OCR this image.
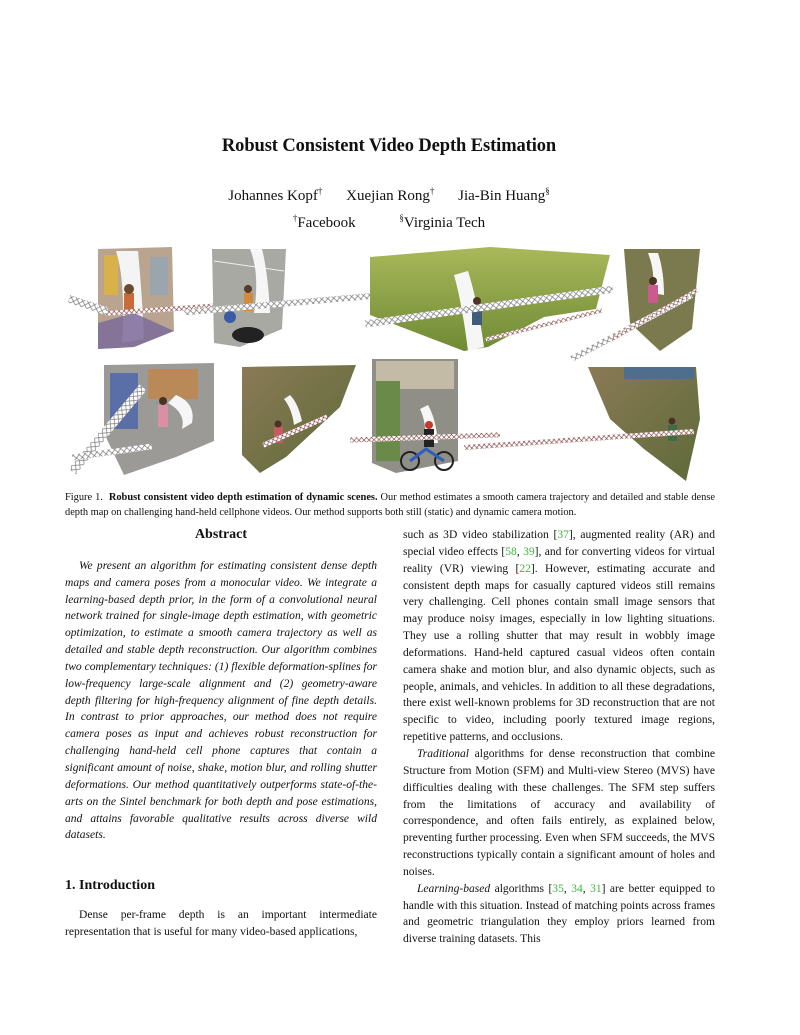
Robust Consistent Video Depth Estimation
Johannes Kopf† Xuejian Rong† Jia-Bin Huang§
†Facebook	§Virginia Tech
Figure 1. Robust consistent video depth estimation of dynamic scenes. Our method estimates a smooth camera trajectory and detailed and stable dense depth map on challenging hand-held cellphone videos. Our method supports both still (static) and dynamic camera motion.
Abstract

We present an algorithm for estimating consistent dense depth maps and camera poses from a monocular video. We integrate a learning-based depth prior, in the form of a convolutional neural network trained for single-image depth estimation, with geometric optimization, to estimate a smooth camera trajectory as well as detailed and stable depth reconstruction. Our algorithm combines two complementary techniques: (1) flexible deformation-splines for low-frequency large-scale alignment and (2) geometry-aware depth filtering for high-frequency alignment of fine depth details. In contrast to prior approaches, our method does not require camera poses as input and achieves robust reconstruction for challenging hand-held cell phone captures that contain a significant amount of noise, shake, motion blur, and rolling shutter deformations. Our method quantitatively outperforms state-of-the-arts on the Sintel benchmark for both depth and pose estimations, and attains favorable qualitative results across diverse wild datasets.

1. Introduction

Dense per-frame depth is an important intermediate representation that is useful for many video-based applications,

such as 3D video stabilization [37], augmented reality (AR) and special video effects [58, 39], and for converting videos for virtual reality (VR) viewing [22]. However, estimating accurate and consistent depth maps for casually captured videos still remains very challenging. Cell phones contain small image sensors that may produce noisy images, especially in low lighting situations. They use a rolling shutter that may result in wobbly image deformations. Hand-held captured casual videos often contain camera shake and motion blur, and also dynamic objects, such as people, animals, and vehicles. In addition to all these degradations, there exist well-known problems for 3D reconstruction that are not specific to video, including poorly textured image regions, repetitive patterns, and occlusions.

Traditional algorithms for dense reconstruction that combine Structure from Motion (SFM) and Multi-view Stereo (MVS) have difficulties dealing with these challenges. The SFM step suffers from the limitations of accuracy and availability of correspondence, and often fails entirely, as explained below, preventing further processing. Even when SFM succeeds, the MVS reconstructions typically contain a significant amount of holes and noises.

Learning-based algorithms [35, 34, 31] are better equipped to handle with this situation. Instead of matching points across frames and geometric triangulation they employ priors learned from diverse training datasets. This
